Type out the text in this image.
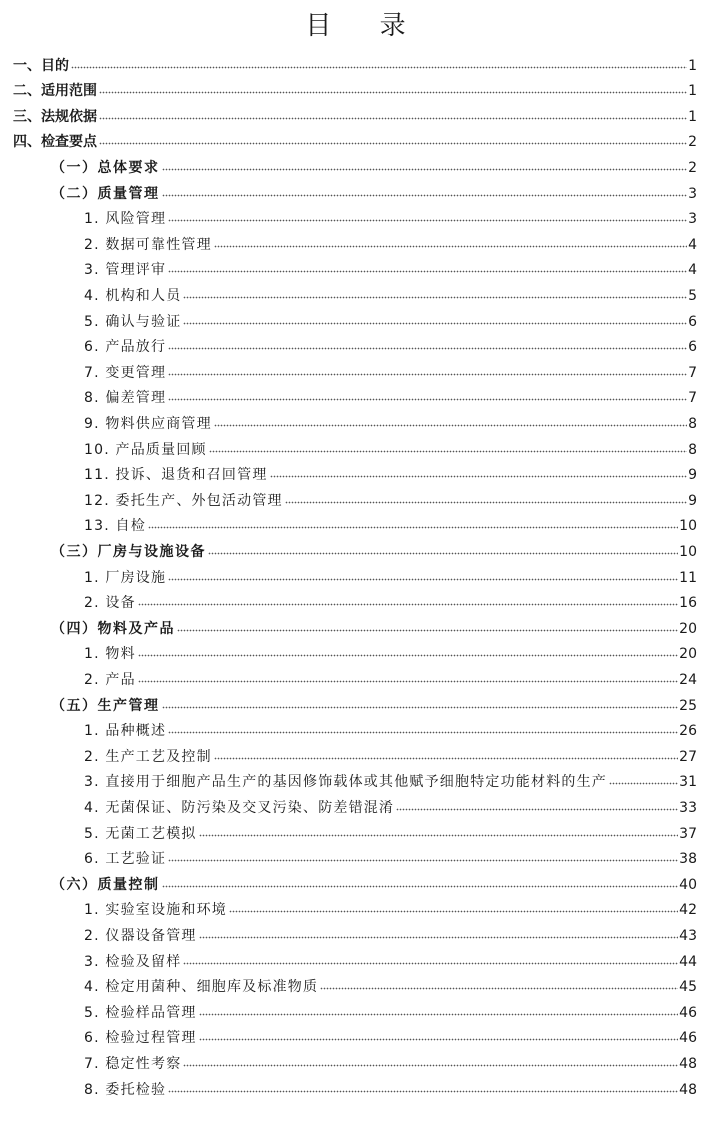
目 录
一、目的	1
二、适用范围	1
三、法规依据	1
四、检查要点	2
（一）总体要求	2
（二）质量管理	3
1. 风险管理	3
2. 数据可靠性管理	4
3. 管理评审	4
4. 机构和人员	5
5. 确认与验证	6
6. 产品放行	6
7. 变更管理	7
8. 偏差管理	7
9. 物料供应商管理	8
10. 产品质量回顾	8
11. 投诉、退货和召回管理	9
12. 委托生产、外包活动管理	9
13. 自检	10
（三）厂房与设施设备	10
1. 厂房设施	11
2. 设备	16
（四）物料及产品	20
1. 物料	20
2. 产品	24
（五）生产管理	25
1. 品种概述	26
2. 生产工艺及控制	27
3. 直接用于细胞产品生产的基因修饰载体或其他赋予细胞特定功能材料的生产	31
4. 无菌保证、防污染及交叉污染、防差错混淆	33
5. 无菌工艺模拟	37
6. 工艺验证	38
（六）质量控制	40
1. 实验室设施和环境	42
2. 仪器设备管理	43
3. 检验及留样	44
4. 检定用菌种、细胞库及标准物质	45
5. 检验样品管理	46
6. 检验过程管理	46
7. 稳定性考察	48
8. 委托检验	48
